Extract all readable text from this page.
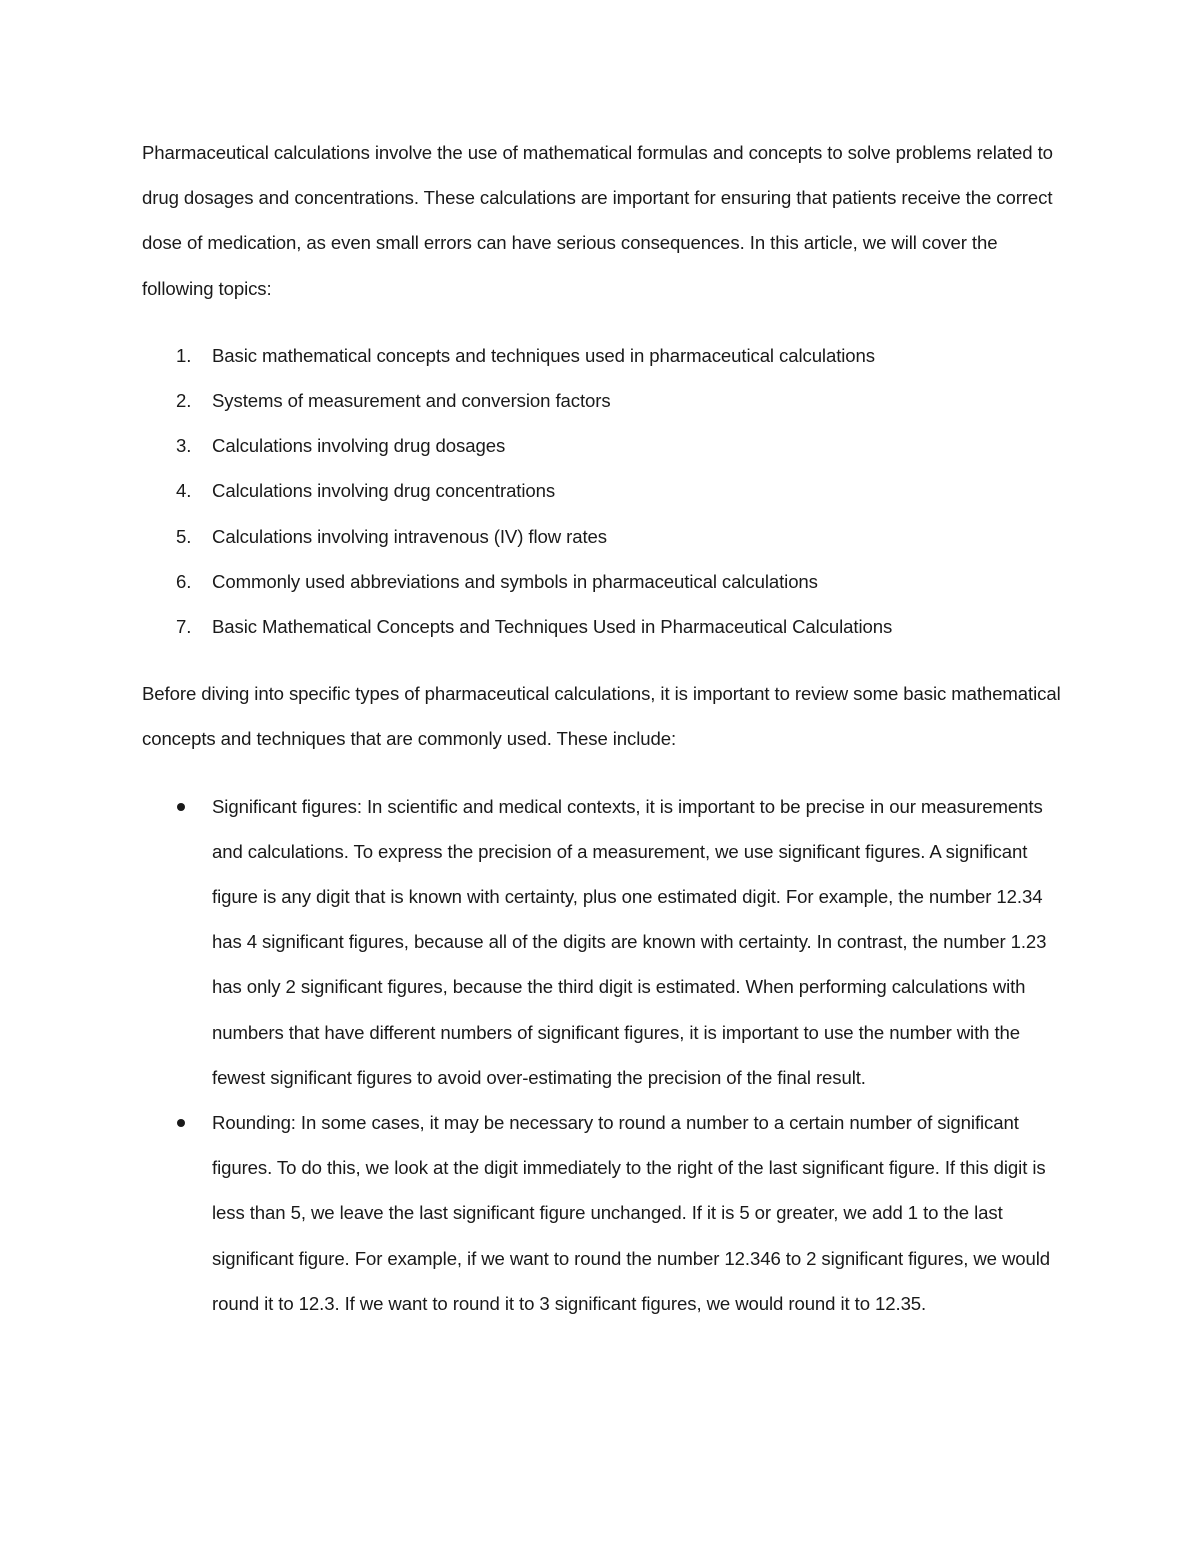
Pharmaceutical calculations involve the use of mathematical formulas and concepts to solve problems related to drug dosages and concentrations. These calculations are important for ensuring that patients receive the correct dose of medication, as even small errors can have serious consequences. In this article, we will cover the following topics:

1. Basic mathematical concepts and techniques used in pharmaceutical calculations
2. Systems of measurement and conversion factors
3. Calculations involving drug dosages
4. Calculations involving drug concentrations
5. Calculations involving intravenous (IV) flow rates
6. Commonly used abbreviations and symbols in pharmaceutical calculations
7. Basic Mathematical Concepts and Techniques Used in Pharmaceutical Calculations

Before diving into specific types of pharmaceutical calculations, it is important to review some basic mathematical concepts and techniques that are commonly used. These include:

Significant figures: In scientific and medical contexts, it is important to be precise in our measurements and calculations. To express the precision of a measurement, we use significant figures. A significant figure is any digit that is known with certainty, plus one estimated digit. For example, the number 12.34 has 4 significant figures, because all of the digits are known with certainty. In contrast, the number 1.23 has only 2 significant figures, because the third digit is estimated. When performing calculations with numbers that have different numbers of significant figures, it is important to use the number with the fewest significant figures to avoid over-estimating the precision of the final result.
Rounding: In some cases, it may be necessary to round a number to a certain number of significant figures. To do this, we look at the digit immediately to the right of the last significant figure. If this digit is less than 5, we leave the last significant figure unchanged. If it is 5 or greater, we add 1 to the last significant figure. For example, if we want to round the number 12.346 to 2 significant figures, we would round it to 12.3. If we want to round it to 3 significant figures, we would round it to 12.35.
